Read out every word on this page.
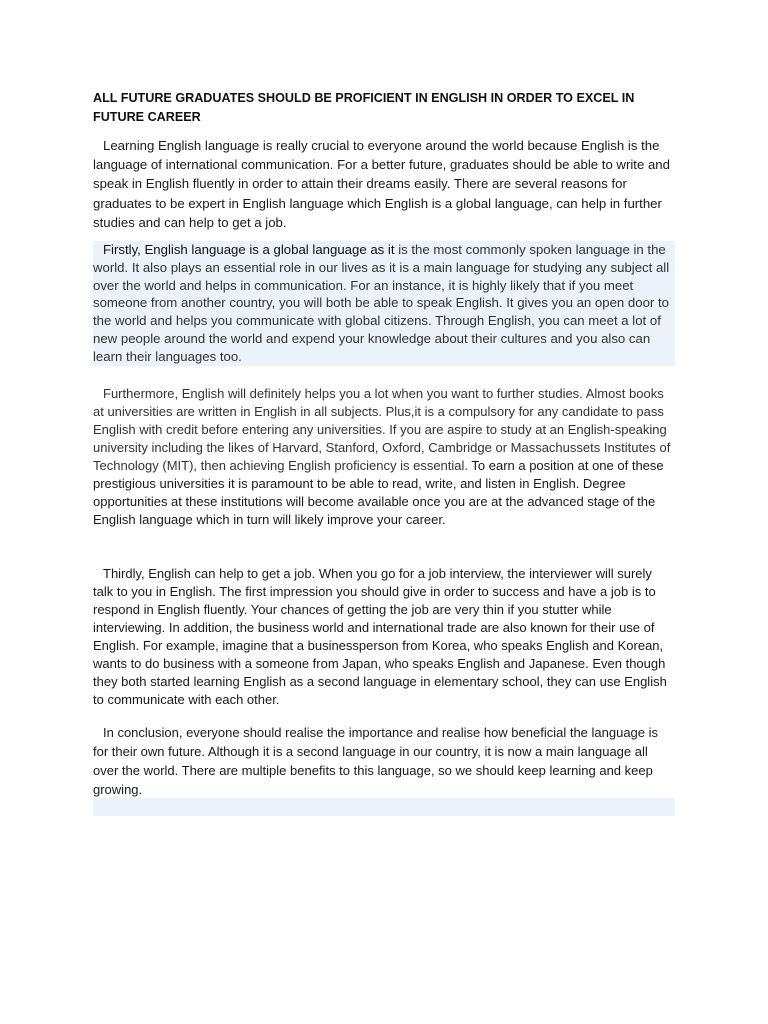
ALL FUTURE GRADUATES SHOULD BE PROFICIENT IN ENGLISH IN ORDER TO EXCEL IN FUTURE CAREER

Learning English language is really crucial to everyone around the world because English is the language of international communication. For a better future, graduates should be able to write and speak in English fluently in order to attain their dreams easily. There are several reasons for graduates to be expert in English language which English is a global language, can help in further studies and can help to get a job.

Firstly, English language is a global language as it is the most commonly spoken language in the world. It also plays an essential role in our lives as it is a main language for studying any subject all over the world and helps in communication. For an instance, it is highly likely that if you meet someone from another country, you will both be able to speak English. It gives you an open door to the world and helps you communicate with global citizens. Through English, you can meet a lot of new people around the world and expend your knowledge about their cultures and you also can learn their languages too.

Furthermore, English will definitely helps you a lot when you want to further studies. Almost books at universities are written in English in all subjects. Plus,it is a compulsory for any candidate to pass English with credit before entering any universities. If you are aspire to study at an English-speaking university including the likes of Harvard, Stanford, Oxford, Cambridge or Massachussets Institutes of Technology (MIT), then achieving English proficiency is essential. To earn a position at one of these prestigious universities it is paramount to be able to read, write, and listen in English. Degree opportunities at these institutions will become available once you are at the advanced stage of the English language which in turn will likely improve your career.

Thirdly, English can help to get a job. When you go for a job interview, the interviewer will surely talk to you in English. The first impression you should give in order to success and have a job is to respond in English fluently. Your chances of getting the job are very thin if you stutter while interviewing. In addition, the business world and international trade are also known for their use of English. For example, imagine that a businessperson from Korea, who speaks English and Korean, wants to do business with a someone from Japan, who speaks English and Japanese. Even though they both started learning English as a second language in elementary school, they can use English to communicate with each other.

In conclusion, everyone should realise the importance and realise how beneficial the language is for their own future. Although it is a second language in our country, it is now a main language all over the world. There are multiple benefits to this language, so we should keep learning and keep growing.
